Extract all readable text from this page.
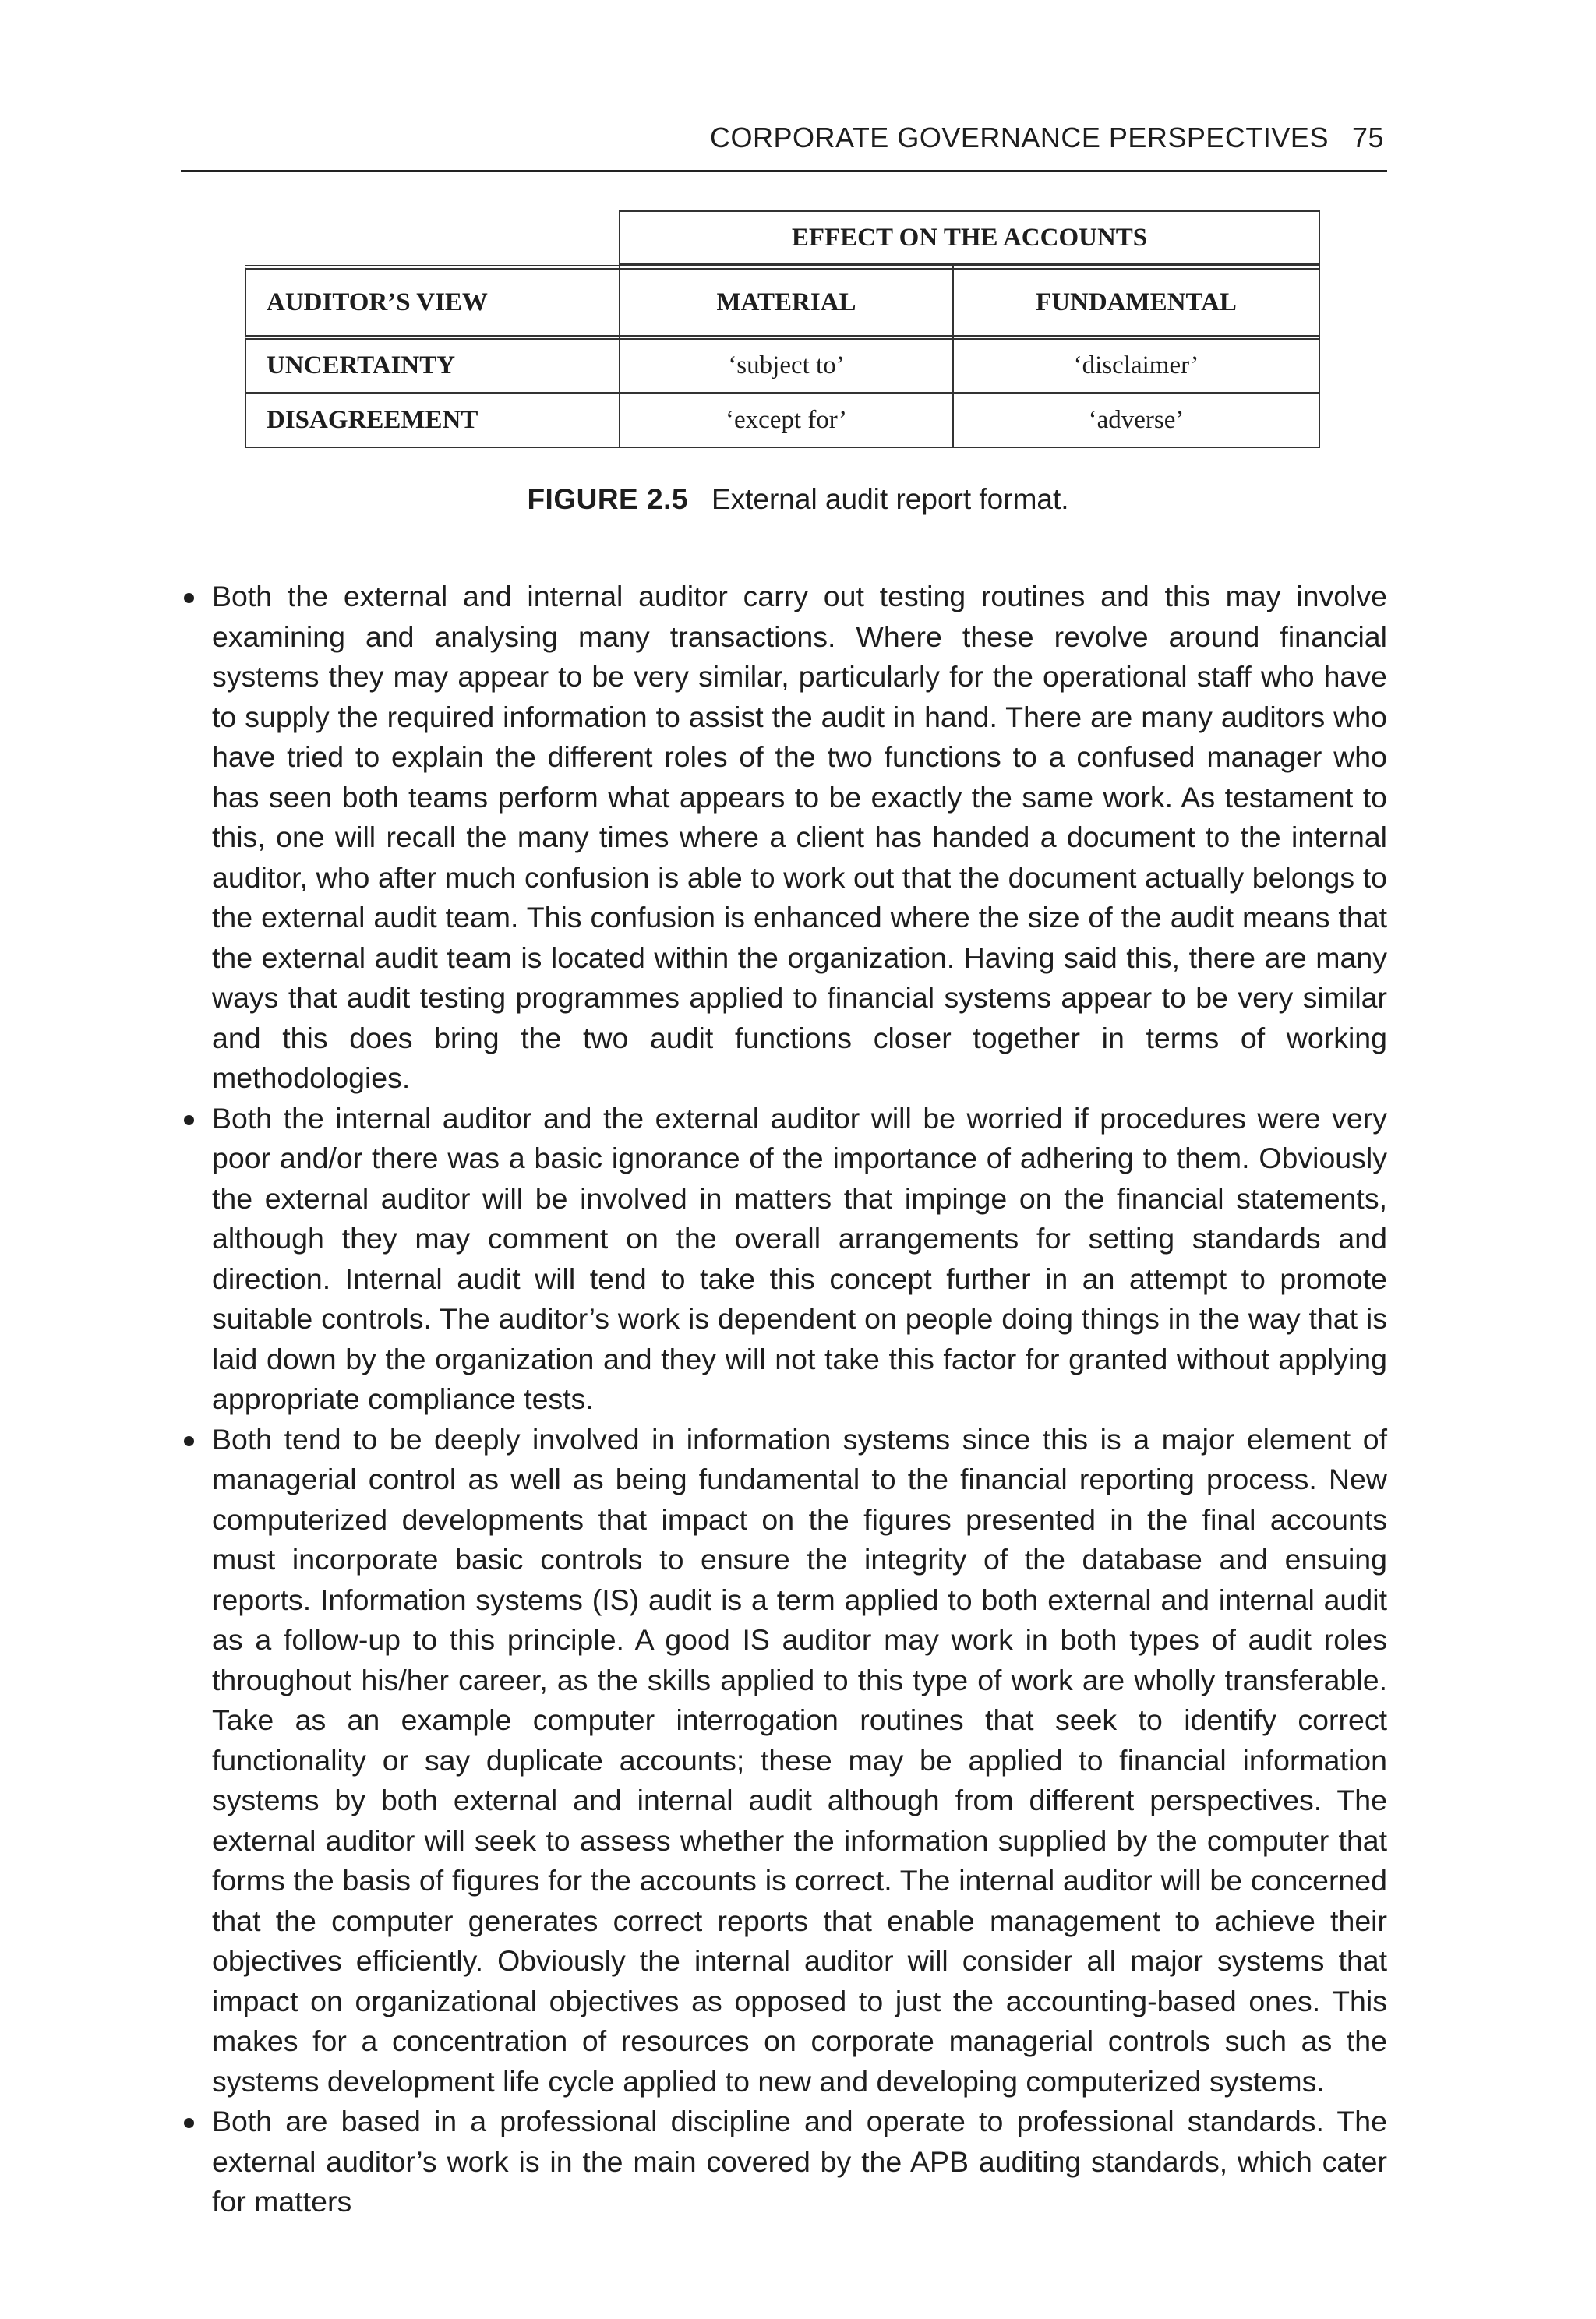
CORPORATE GOVERNANCE PERSPECTIVES 75
EFFECT ON THE ACCOUNTS
AUDITOR’S VIEW	MATERIAL	FUNDAMENTAL
UNCERTAINTY	‘subject to’	‘disclaimer’
DISAGREEMENT	‘except for’	‘adverse’
FIGURE 2.5 External audit report format.
Both the external and internal auditor carry out testing routines and this may involve examining and analysing many transactions. Where these revolve around financial systems they may appear to be very similar, particularly for the operational staff who have to supply the required information to assist the audit in hand. There are many auditors who have tried to explain the different roles of the two functions to a confused manager who has seen both teams perform what appears to be exactly the same work. As testament to this, one will recall the many times where a client has handed a document to the internal auditor, who after much confusion is able to work out that the document actually belongs to the external audit team. This confusion is enhanced where the size of the audit means that the external audit team is located within the organization. Having said this, there are many ways that audit testing programmes applied to financial systems appear to be very similar and this does bring the two audit functions closer together in terms of working methodologies.
Both the internal auditor and the external auditor will be worried if procedures were very poor and/or there was a basic ignorance of the importance of adhering to them. Obviously the external auditor will be involved in matters that impinge on the financial statements, although they may comment on the overall arrangements for setting standards and direction. Internal audit will tend to take this concept further in an attempt to promote suitable controls. The auditor’s work is dependent on people doing things in the way that is laid down by the organization and they will not take this factor for granted without applying appropriate compliance tests.
Both tend to be deeply involved in information systems since this is a major element of managerial control as well as being fundamental to the financial reporting process. New computerized developments that impact on the figures presented in the final accounts must incorporate basic controls to ensure the integrity of the database and ensuing reports. Information systems (IS) audit is a term applied to both external and internal audit as a follow-up to this principle. A good IS auditor may work in both types of audit roles throughout his/her career, as the skills applied to this type of work are wholly transferable. Take as an example computer interrogation routines that seek to identify correct functionality or say duplicate accounts; these may be applied to financial information systems by both external and internal audit although from different perspectives. The external auditor will seek to assess whether the information supplied by the computer that forms the basis of figures for the accounts is correct. The internal auditor will be concerned that the computer generates correct reports that enable management to achieve their objectives efficiently. Obviously the internal auditor will consider all major systems that impact on organizational objectives as opposed to just the accounting-based ones. This makes for a concentration of resources on corporate managerial controls such as the systems development life cycle applied to new and developing computerized systems.
Both are based in a professional discipline and operate to professional standards. The external auditor’s work is in the main covered by the APB auditing standards, which cater for matters
